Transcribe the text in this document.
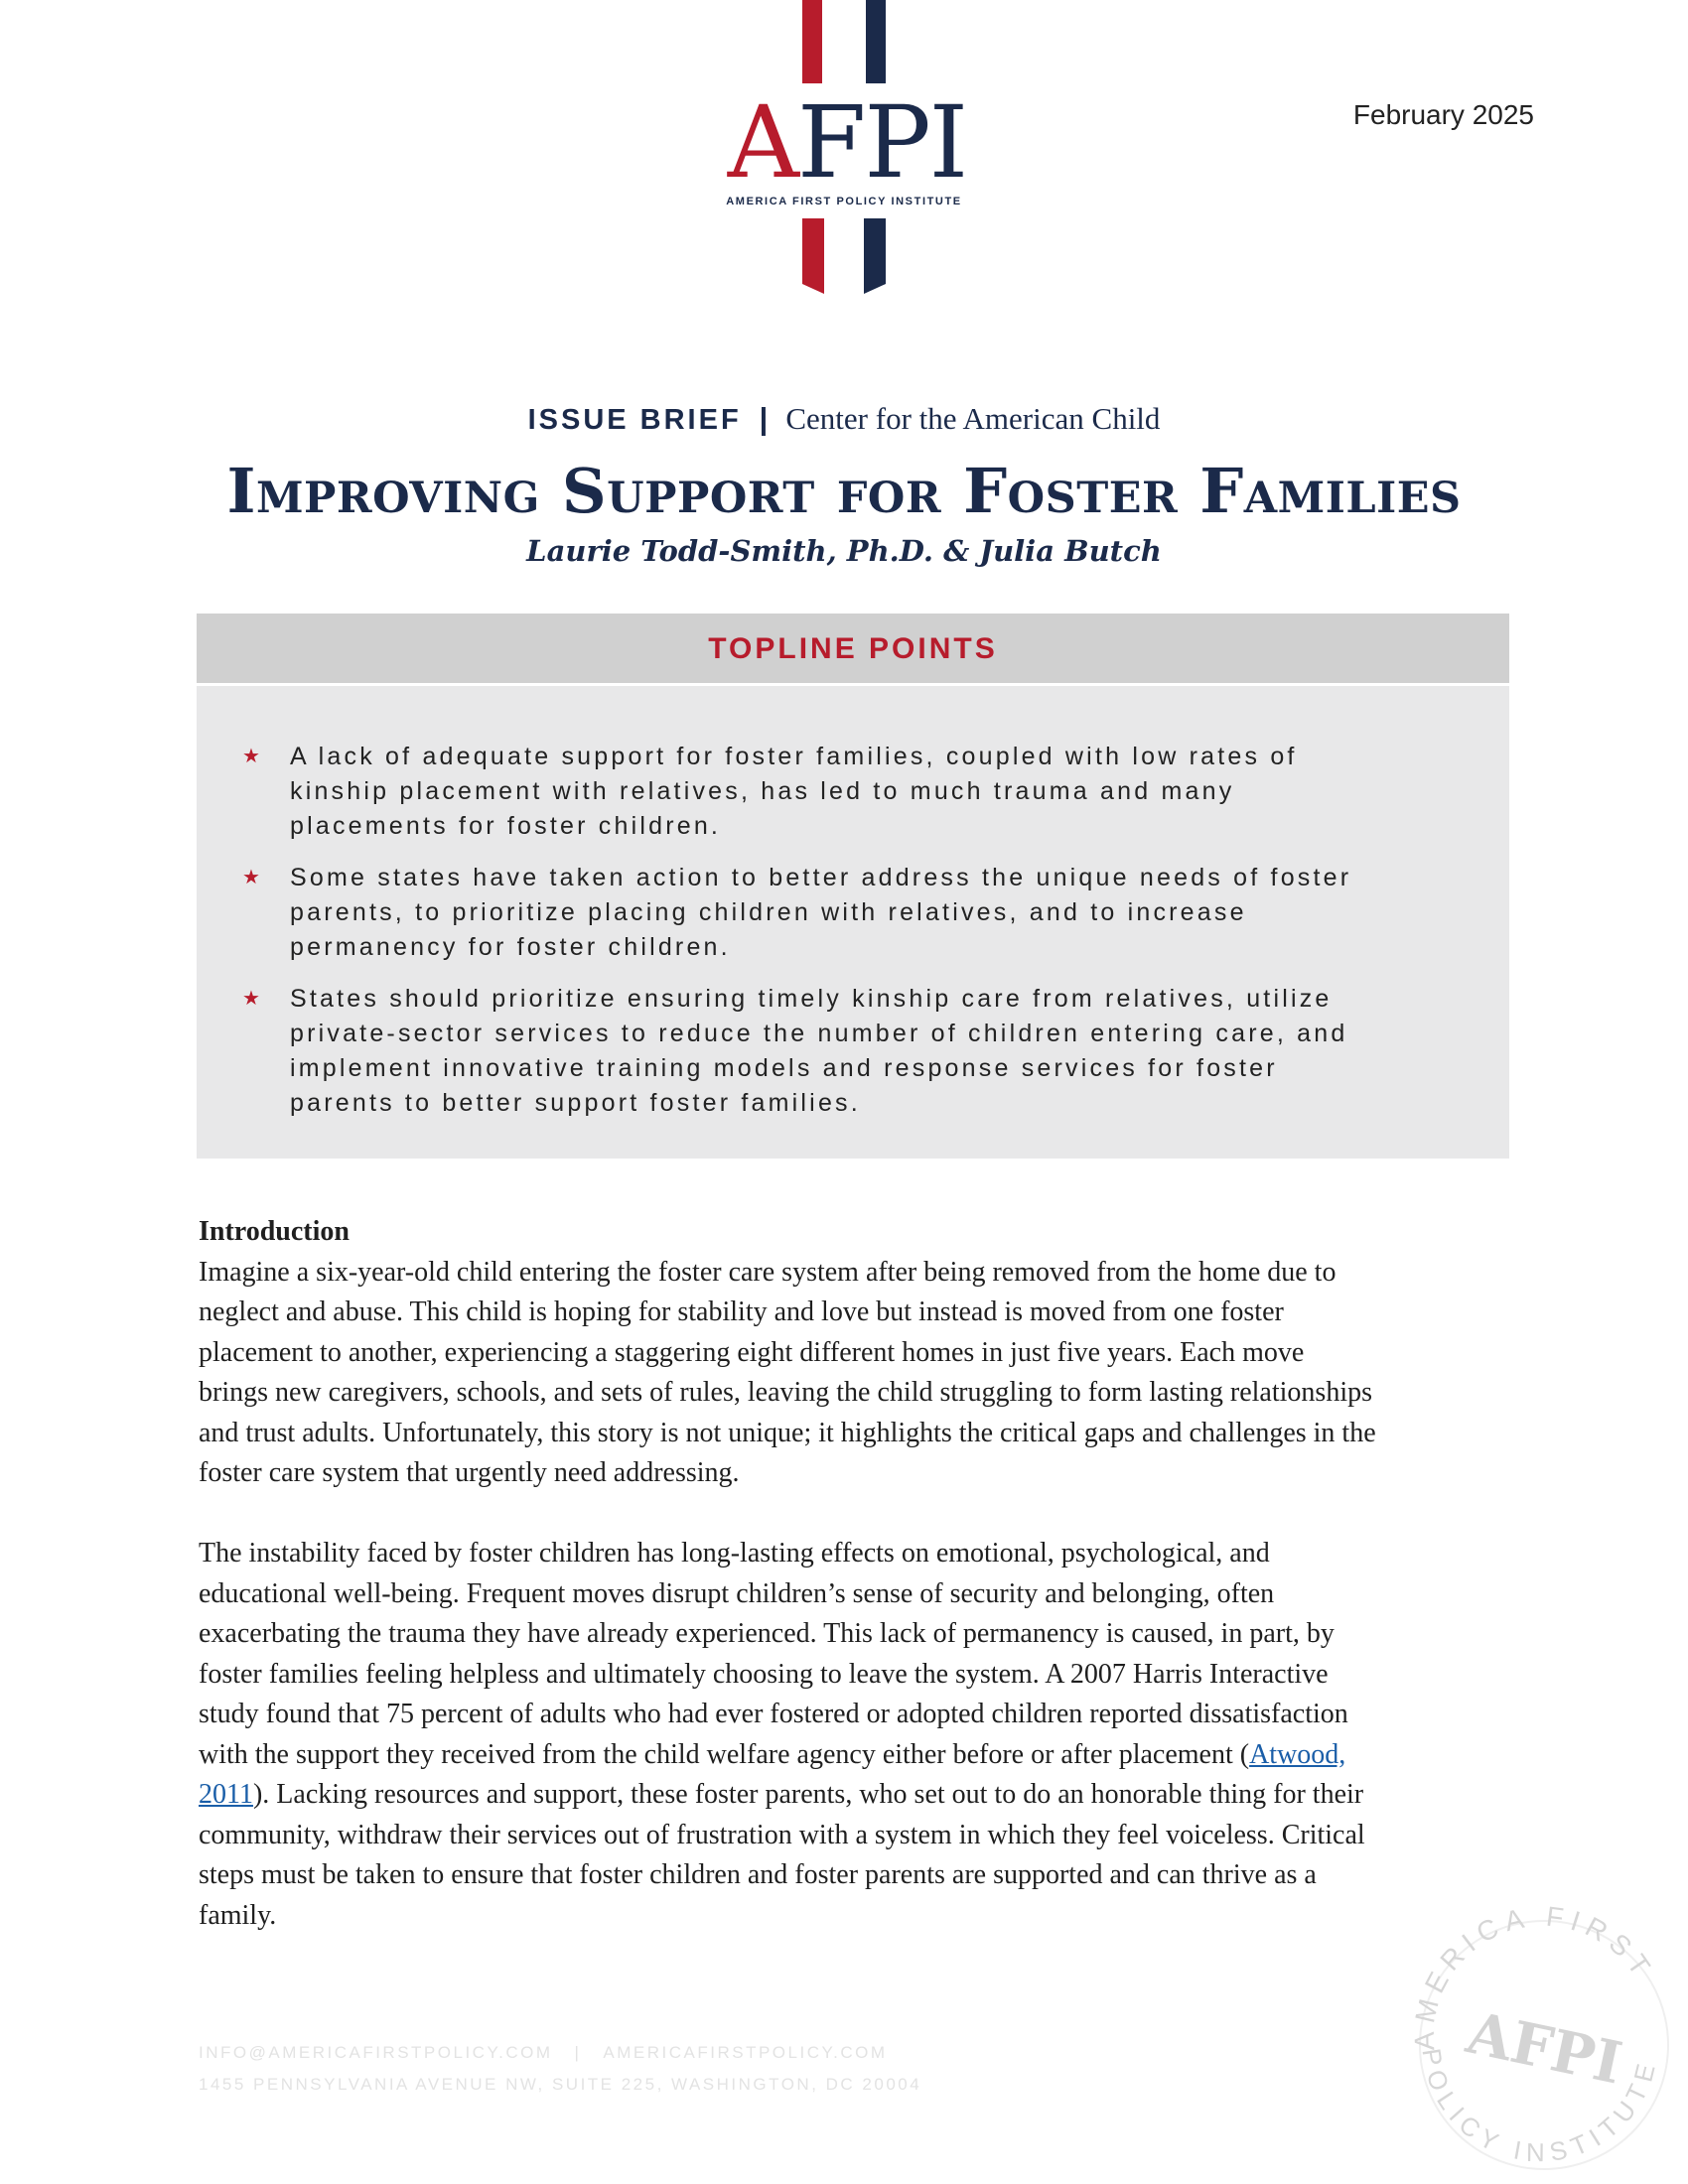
AFPI
AMERICA FIRST POLICY INSTITUTE
February 2025
ISSUE BRIEF | Center for the American Child
Improving Support for Foster Families
Laurie Todd-Smith, Ph.D. & Julia Butch
TOPLINE POINTS
★ A lack of adequate support for foster families, coupled with low rates of
kinship placement with relatives, has led to much trauma and many
placements for foster children.
★ Some states have taken action to better address the unique needs of foster
parents, to prioritize placing children with relatives, and to increase
permanency for foster children.
★ States should prioritize ensuring timely kinship care from relatives, utilize
private-sector services to reduce the number of children entering care, and
implement innovative training models and response services for foster
parents to better support foster families.
Introduction
Imagine a six-year-old child entering the foster care system after being removed from the home due to
neglect and abuse. This child is hoping for stability and love but instead is moved from one foster
placement to another, experiencing a staggering eight different homes in just five years. Each move
brings new caregivers, schools, and sets of rules, leaving the child struggling to form lasting relationships
and trust adults. Unfortunately, this story is not unique; it highlights the critical gaps and challenges in the
foster care system that urgently need addressing.
The instability faced by foster children has long-lasting effects on emotional, psychological, and
educational well-being. Frequent moves disrupt children’s sense of security and belonging, often
exacerbating the trauma they have already experienced. This lack of permanency is caused, in part, by
foster families feeling helpless and ultimately choosing to leave the system. A 2007 Harris Interactive
study found that 75 percent of adults who had ever fostered or adopted children reported dissatisfaction
with the support they received from the child welfare agency either before or after placement (Atwood,
2011). Lacking resources and support, these foster parents, who set out to do an honorable thing for their
community, withdraw their services out of frustration with a system in which they feel voiceless. Critical
steps must be taken to ensure that foster children and foster parents are supported and can thrive as a
family.
INFO@AMERICAFIRSTPOLICY.COM | AMERICAFIRSTPOLICY.COM
1455 PENNSYLVANIA AVENUE NW, SUITE 225, WASHINGTON, DC 20004
AMERICA FIRST
POLICY INSTITUTE
AFPI
